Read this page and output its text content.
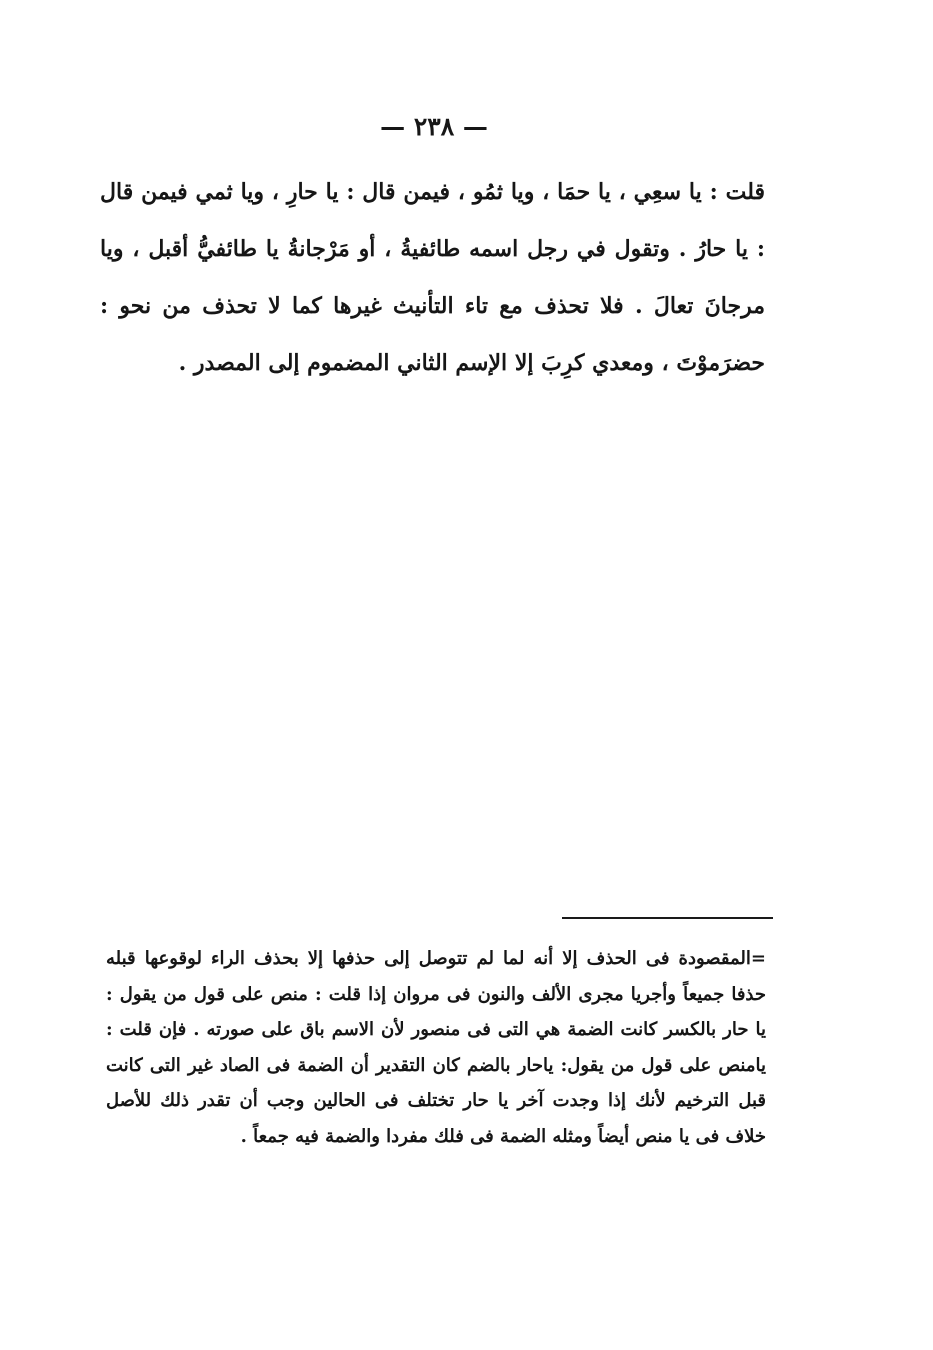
— ٢٣٨ —

قلت : يا سعِي ، يا حمَا ، ويا ثمُو ، فيمن قال : يا حارِ ، ويا ثمي فيمن قال : يا حارُ . وتقول في رجل اسمه طائفيةُ ، أو مَرْجانةُ يا طائفيُّ أقبل ، ويا مرجانَ تعالَ . فلا تحذف مع تاء التأنيث غيرها كما لا تحذف من نحو : حضرَموْتَ ، ومعدي كرِبَ إلا الإسم الثاني المضموم إلى المصدر .

=المقصودة فى الحذف إلا أنه لما لم تتوصل إلى حذفها إلا بحذف الراء لوقوعها قبله حذفا جميعاً وأجريا مجرى الألف والنون فى مروان إذا قلت : منص على قول من يقول : يا حار بالكسر كانت الضمة هي التى فى منصور لأن الاسم باق على صورته . فإن قلت : يامنص على قول من يقول: ياحار بالضم كان التقدير أن الضمة فى الصاد غير التى كانت قبل الترخيم لأنك إذا وجدت آخر يا حار تختلف فى الحالين وجب أن تقدر ذلك للأصل خلاف فى يا منص أيضاً ومثله الضمة فى فلك مفردا والضمة فيه جمعاً .
